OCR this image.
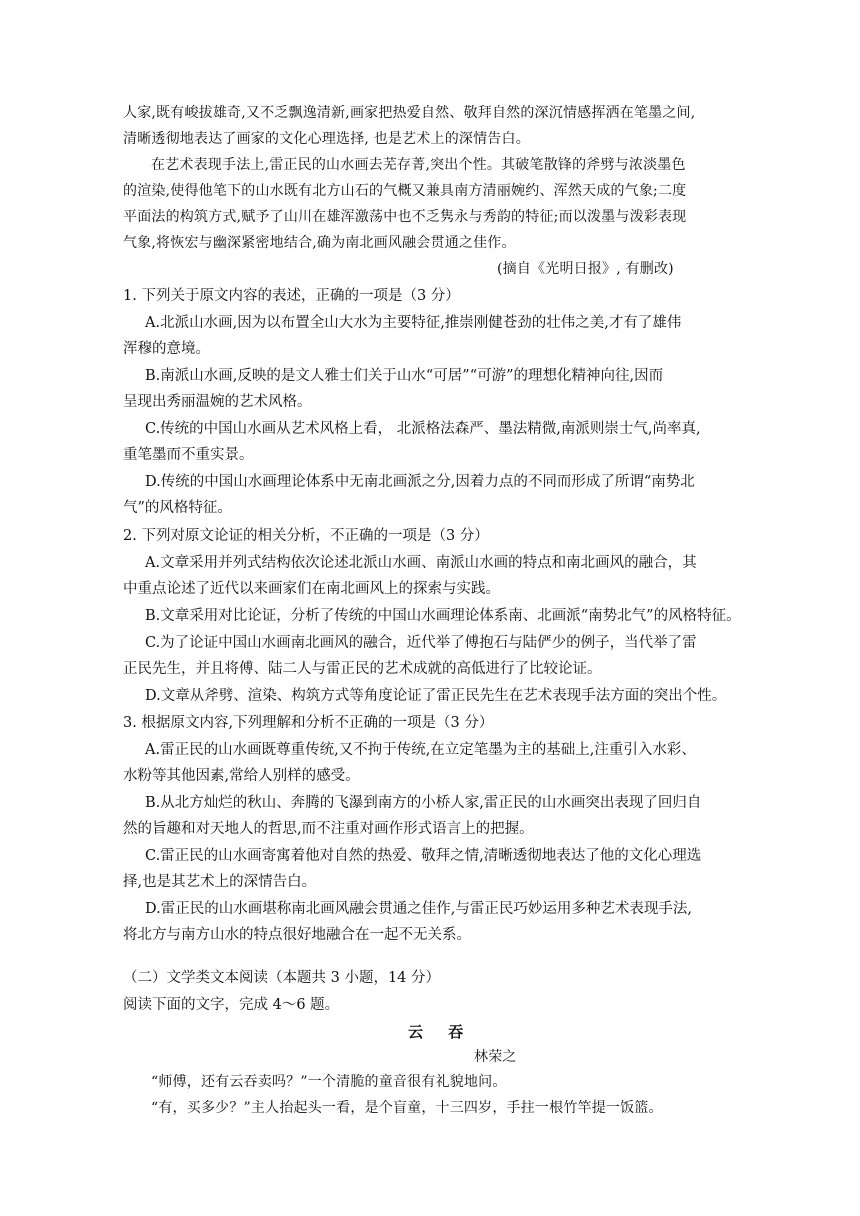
人家,既有峻拔雄奇,又不乏飘逸清新,画家把热爱自然、敬拜自然的深沉情感挥洒在笔墨之间,
清晰透彻地表达了画家的文化心理选择, 也是艺术上的深情告白。
在艺术表现手法上,雷正民的山水画去芜存菁,突出个性。其破笔散锋的斧劈与浓淡墨色
的渲染,使得他笔下的山水既有北方山石的气概又兼具南方清丽婉约、浑然天成的气象;二度
平面法的构筑方式,赋予了山川在雄浑激荡中也不乏隽永与秀韵的特征;而以泼墨与泼彩表现
气象,将恢宏与幽深紧密地结合,确为南北画风融会贯通之佳作。
(摘自《光明日报》, 有删改)
1. 下列关于原文内容的表述，正确的一项是（3 分）
A.北派山水画,因为以布置全山大水为主要特征,推崇刚健苍劲的壮伟之美,才有了雄伟
浑穆的意境。
B.南派山水画,反映的是文人雅士们关于山水“可居”“可游”的理想化精神向往,因而
呈现出秀丽温婉的艺术风格。
C.传统的中国山水画从艺术风格上看， 北派格法森严、墨法精微,南派则崇士气,尚率真,
重笔墨而不重实景。
D.传统的中国山水画理论体系中无南北画派之分,因着力点的不同而形成了所谓“南势北
气”的风格特征。
2. 下列对原文论证的相关分析，不正确的一项是（3 分）
A.文章采用并列式结构依次论述北派山水画、南派山水画的特点和南北画风的融合，其
中重点论述了近代以来画家们在南北画风上的探索与实践。
B.文章采用对比论证，分析了传统的中国山水画理论体系南、北画派“南势北气”的风格特征。
C.为了论证中国山水画南北画风的融合，近代举了傅抱石与陆俨少的例子，当代举了雷
正民先生，并且将傅、陆二人与雷正民的艺术成就的高低进行了比较论证。
D.文章从斧劈、渲染、构筑方式等角度论证了雷正民先生在艺术表现手法方面的突出个性。
3. 根据原文内容,下列理解和分析不正确的一项是（3 分）
A.雷正民的山水画既尊重传统,又不拘于传统,在立定笔墨为主的基础上,注重引入水彩、
水粉等其他因素,常给人别样的感受。
B.从北方灿烂的秋山、奔腾的飞瀑到南方的小桥人家,雷正民的山水画突出表现了回归自
然的旨趣和对天地人的哲思,而不注重对画作形式语言上的把握。
C.雷正民的山水画寄寓着他对自然的热爱、敬拜之情,清晰透彻地表达了他的文化心理选
择,也是其艺术上的深情告白。
D.雷正民的山水画堪称南北画风融会贯通之佳作,与雷正民巧妙运用多种艺术表现手法,
将北方与南方山水的特点很好地融合在一起不无关系。
（二）文学类文本阅读（本题共 3 小题，14 分）
阅读下面的文字，完成 4～6 题。
云 吞
林荣之
“师傅，还有云吞卖吗？”一个清脆的童音很有礼貌地问。
“有，买多少？”主人抬起头一看，是个盲童，十三四岁，手拄一根竹竿提一饭篮。
